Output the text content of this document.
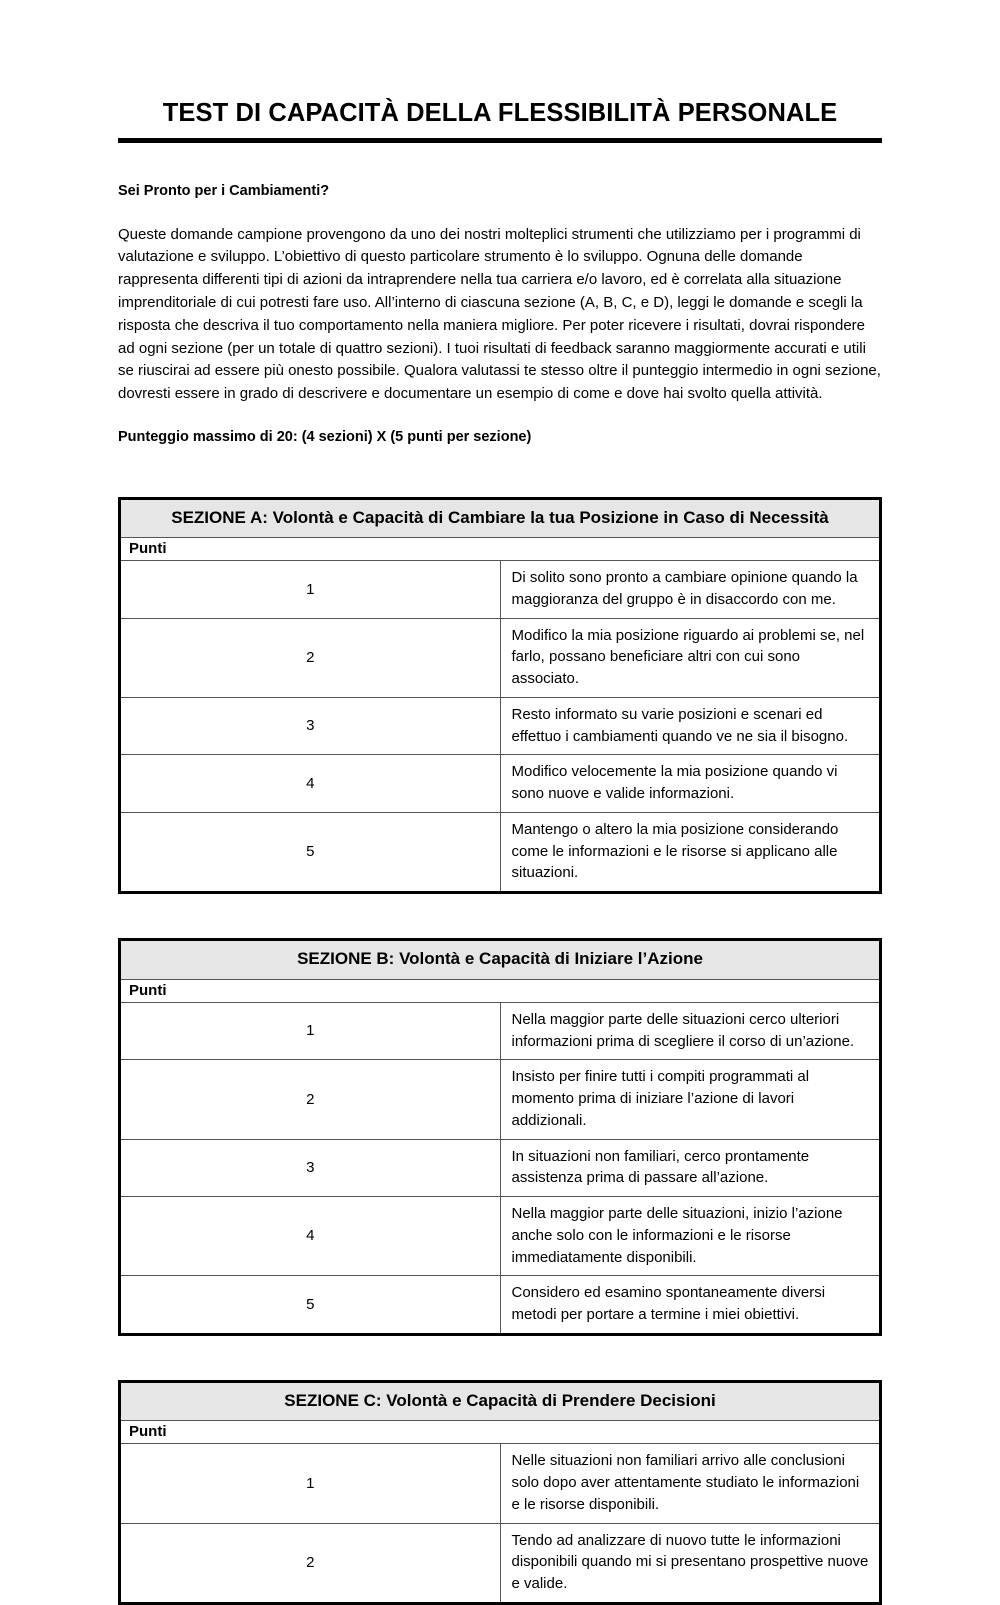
TEST DI CAPACITÀ DELLA FLESSIBILITÀ PERSONALE

Sei Pronto per i Cambiamenti?

Queste domande campione provengono da uno dei nostri molteplici strumenti che utilizziamo per i programmi di valutazione e sviluppo. L’obiettivo di questo particolare strumento è lo sviluppo. Ognuna delle domande rappresenta differenti tipi di azioni da intraprendere nella tua carriera e/o lavoro, ed è correlata alla situazione imprenditoriale di cui potresti fare uso. All’interno di ciascuna sezione (A, B, C, e D), leggi le domande e scegli la risposta che descriva il tuo comportamento nella maniera migliore. Per poter ricevere i risultati, dovrai rispondere ad ogni sezione (per un totale di quattro sezioni). I tuoi risultati di feedback saranno maggiormente accurati e utili se riuscirai ad essere più onesto possibile. Qualora valutassi te stesso oltre il punteggio intermedio in ogni sezione, dovresti essere in grado di descrivere e documentare un esempio di come e dove hai svolto quella attività.

Punteggio massimo di 20: (4 sezioni) X (5 punti per sezione)

SEZIONE A: Volontà e Capacità di Cambiare la tua Posizione in Caso di Necessità	
Punti	
1	Di solito sono pronto a cambiare opinione quando la maggioranza del gruppo è in disaccordo con me.
2	Modifico la mia posizione riguardo ai problemi se, nel farlo, possano beneficiare altri con cui sono associato.
3	Resto informato su varie posizioni e scenari ed effettuo i cambiamenti quando ve ne sia il bisogno.
4	Modifico velocemente la mia posizione quando vi sono nuove e valide informazioni.
5	Mantengo o altero la mia posizione considerando come le informazioni e le risorse si applicano alle situazioni.
SEZIONE B: Volontà e Capacità di Iniziare l’Azione	
Punti	
1	Nella maggior parte delle situazioni cerco ulteriori informazioni prima di scegliere il corso di un’azione.
2	Insisto per finire tutti i compiti programmati al momento prima di iniziare l’azione di lavori addizionali.
3	In situazioni non familiari, cerco prontamente assistenza prima di passare all’azione.
4	Nella maggior parte delle situazioni, inizio l’azione anche solo con le informazioni e le risorse immediatamente disponibili.
5	Considero ed esamino spontaneamente diversi metodi per portare a termine i miei obiettivi.
SEZIONE C: Volontà e Capacità di Prendere Decisioni	
Punti	
1	Nelle situazioni non familiari arrivo alle conclusioni solo dopo aver attentamente studiato le informazioni e le risorse disponibili.
2	Tendo ad analizzare di nuovo tutte le informazioni disponibili quando mi si presentano prospettive nuove e valide.
